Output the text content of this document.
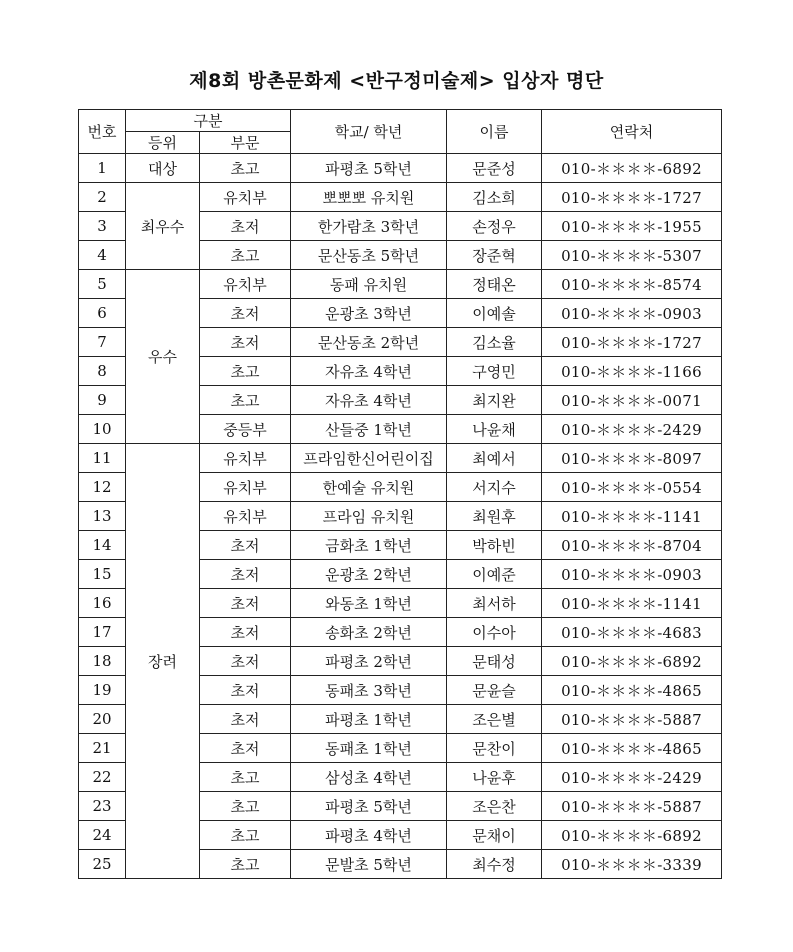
제8회 방촌문화제 <반구정미술제> 입상자 명단
번호	구분		학교/ 학년	이름	연락처
	등위	부문			
1	대상	초고	파평초 5학년	문준성	010-＊＊＊＊-6892
2	최우수	유치부	뽀뽀뽀 유치원	김소희	010-＊＊＊＊-1727
3		초저	한가람초 3학년	손정우	010-＊＊＊＊-1955
4		초고	문산동초 5학년	장준혁	010-＊＊＊＊-5307
5	우수	유치부	동패 유치원	정태온	010-＊＊＊＊-8574
6		초저	운광초 3학년	이예솔	010-＊＊＊＊-0903
7		초저	문산동초 2학년	김소율	010-＊＊＊＊-1727
8		초고	자유초 4학년	구영민	010-＊＊＊＊-1166
9		초고	자유초 4학년	최지완	010-＊＊＊＊-0071
10		중등부	산들중 1학년	나윤채	010-＊＊＊＊-2429
11	장려	유치부	프라임한신어린이집	최예서	010-＊＊＊＊-8097
12		유치부	한예술 유치원	서지수	010-＊＊＊＊-0554
13		유치부	프라임 유치원	최원후	010-＊＊＊＊-1141
14		초저	금화초 1학년	박하빈	010-＊＊＊＊-8704
15		초저	운광초 2학년	이예준	010-＊＊＊＊-0903
16		초저	와동초 1학년	최서하	010-＊＊＊＊-1141
17		초저	송화초 2학년	이수아	010-＊＊＊＊-4683
18		초저	파평초 2학년	문태성	010-＊＊＊＊-6892
19		초저	동패초 3학년	문윤슬	010-＊＊＊＊-4865
20		초저	파평초 1학년	조은별	010-＊＊＊＊-5887
21		초저	동패초 1학년	문찬이	010-＊＊＊＊-4865
22		초고	삼성초 4학년	나윤후	010-＊＊＊＊-2429
23		초고	파평초 5학년	조은찬	010-＊＊＊＊-5887
24		초고	파평초 4학년	문채이	010-＊＊＊＊-6892
25		초고	문발초 5학년	최수정	010-＊＊＊＊-3339
